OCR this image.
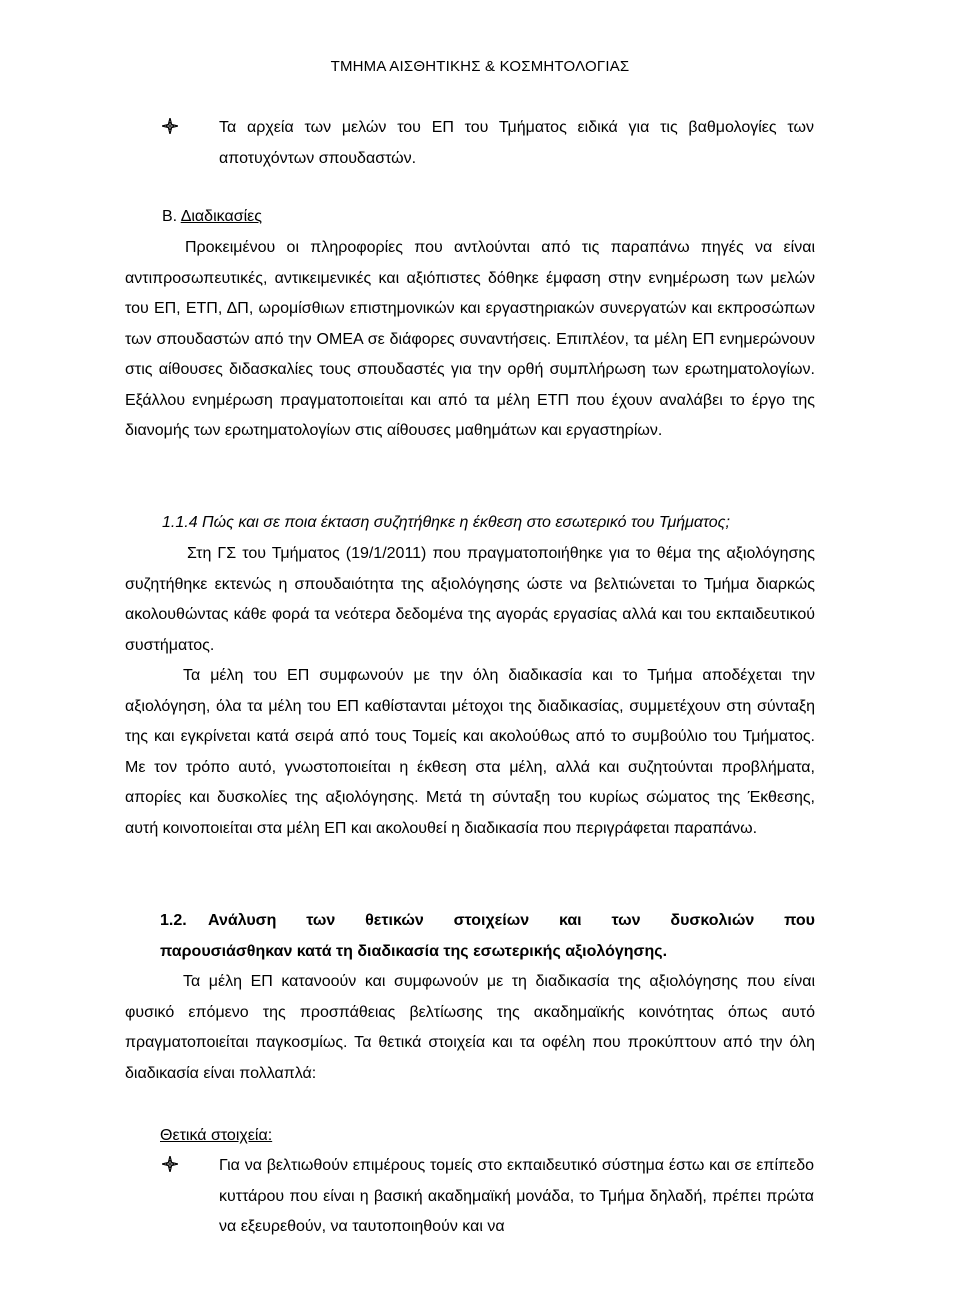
ΤΜΗΜΑ ΑΙΣΘΗΤΙΚΗΣ & ΚΟΣΜΗΤΟΛΟΓΙΑΣ
Τα αρχεία των μελών του ΕΠ του Τμήματος ειδικά για τις βαθμολογίες των αποτυχόντων σπουδαστών.
Β. Διαδικασίες
Προκειμένου οι πληροφορίες που αντλούνται από τις παραπάνω πηγές να είναι αντιπροσωπευτικές, αντικειμενικές και αξιόπιστες δόθηκε έμφαση στην ενημέρωση των μελών του ΕΠ, ΕΤΠ, ΔΠ, ωρομίσθιων επιστημονικών και εργαστηριακών συνεργατών και εκπροσώπων των σπουδαστών από την ΟΜΕΑ σε διάφορες συναντήσεις. Επιπλέον, τα μέλη ΕΠ ενημερώνουν στις αίθουσες διδασκαλίες τους σπουδαστές για την ορθή συμπλήρωση των ερωτηματολογίων. Εξάλλου ενημέρωση πραγματοποιείται και από τα μέλη ΕΤΠ που έχουν αναλάβει το έργο της διανομής των ερωτηματολογίων στις αίθουσες μαθημάτων και εργαστηρίων.
1.1.4 Πώς και σε ποια έκταση συζητήθηκε η έκθεση στο εσωτερικό του Τμήματος;
Στη ΓΣ του Τμήματος (19/1/2011) που πραγματοποιήθηκε για το θέμα της αξιολόγησης συζητήθηκε εκτενώς η σπουδαιότητα της αξιολόγησης ώστε να βελτιώνεται το Τμήμα διαρκώς ακολουθώντας κάθε φορά τα νεότερα δεδομένα της αγοράς εργασίας αλλά και του εκπαιδευτικού συστήματος.
Τα μέλη του ΕΠ συμφωνούν με την όλη διαδικασία και το Τμήμα αποδέχεται την αξιολόγηση, όλα τα μέλη του ΕΠ καθίστανται μέτοχοι της διαδικασίας, συμμετέχουν στη σύνταξη της και εγκρίνεται κατά σειρά από τους Τομείς και ακολούθως από το συμβούλιο του Τμήματος. Με τον τρόπο αυτό, γνωστοποιείται η έκθεση στα μέλη, αλλά και συζητούνται προβλήματα, απορίες και δυσκολίες της αξιολόγησης. Μετά τη σύνταξη του κυρίως σώματος της Έκθεσης, αυτή κοινοποιείται στα μέλη ΕΠ και ακολουθεί η διαδικασία που περιγράφεται παραπάνω.
1.2. Ανάλυση των θετικών στοιχείων και των δυσκολιών που
παρουσιάσθηκαν κατά τη διαδικασία της εσωτερικής αξιολόγησης.
Τα μέλη ΕΠ κατανοούν και συμφωνούν με τη διαδικασία της αξιολόγησης που είναι φυσικό επόμενο της προσπάθειας βελτίωσης της ακαδημαϊκής κοινότητας όπως αυτό πραγματοποιείται παγκοσμίως. Τα θετικά στοιχεία και τα οφέλη που προκύπτουν από την όλη διαδικασία είναι πολλαπλά:
Θετικά στοιχεία:
Για να βελτιωθούν επιμέρους τομείς στο εκπαιδευτικό σύστημα έστω και σε επίπεδο κυττάρου που είναι η βασική ακαδημαϊκή μονάδα, το Τμήμα δηλαδή, πρέπει πρώτα να εξευρεθούν, να ταυτοποιηθούν και να
